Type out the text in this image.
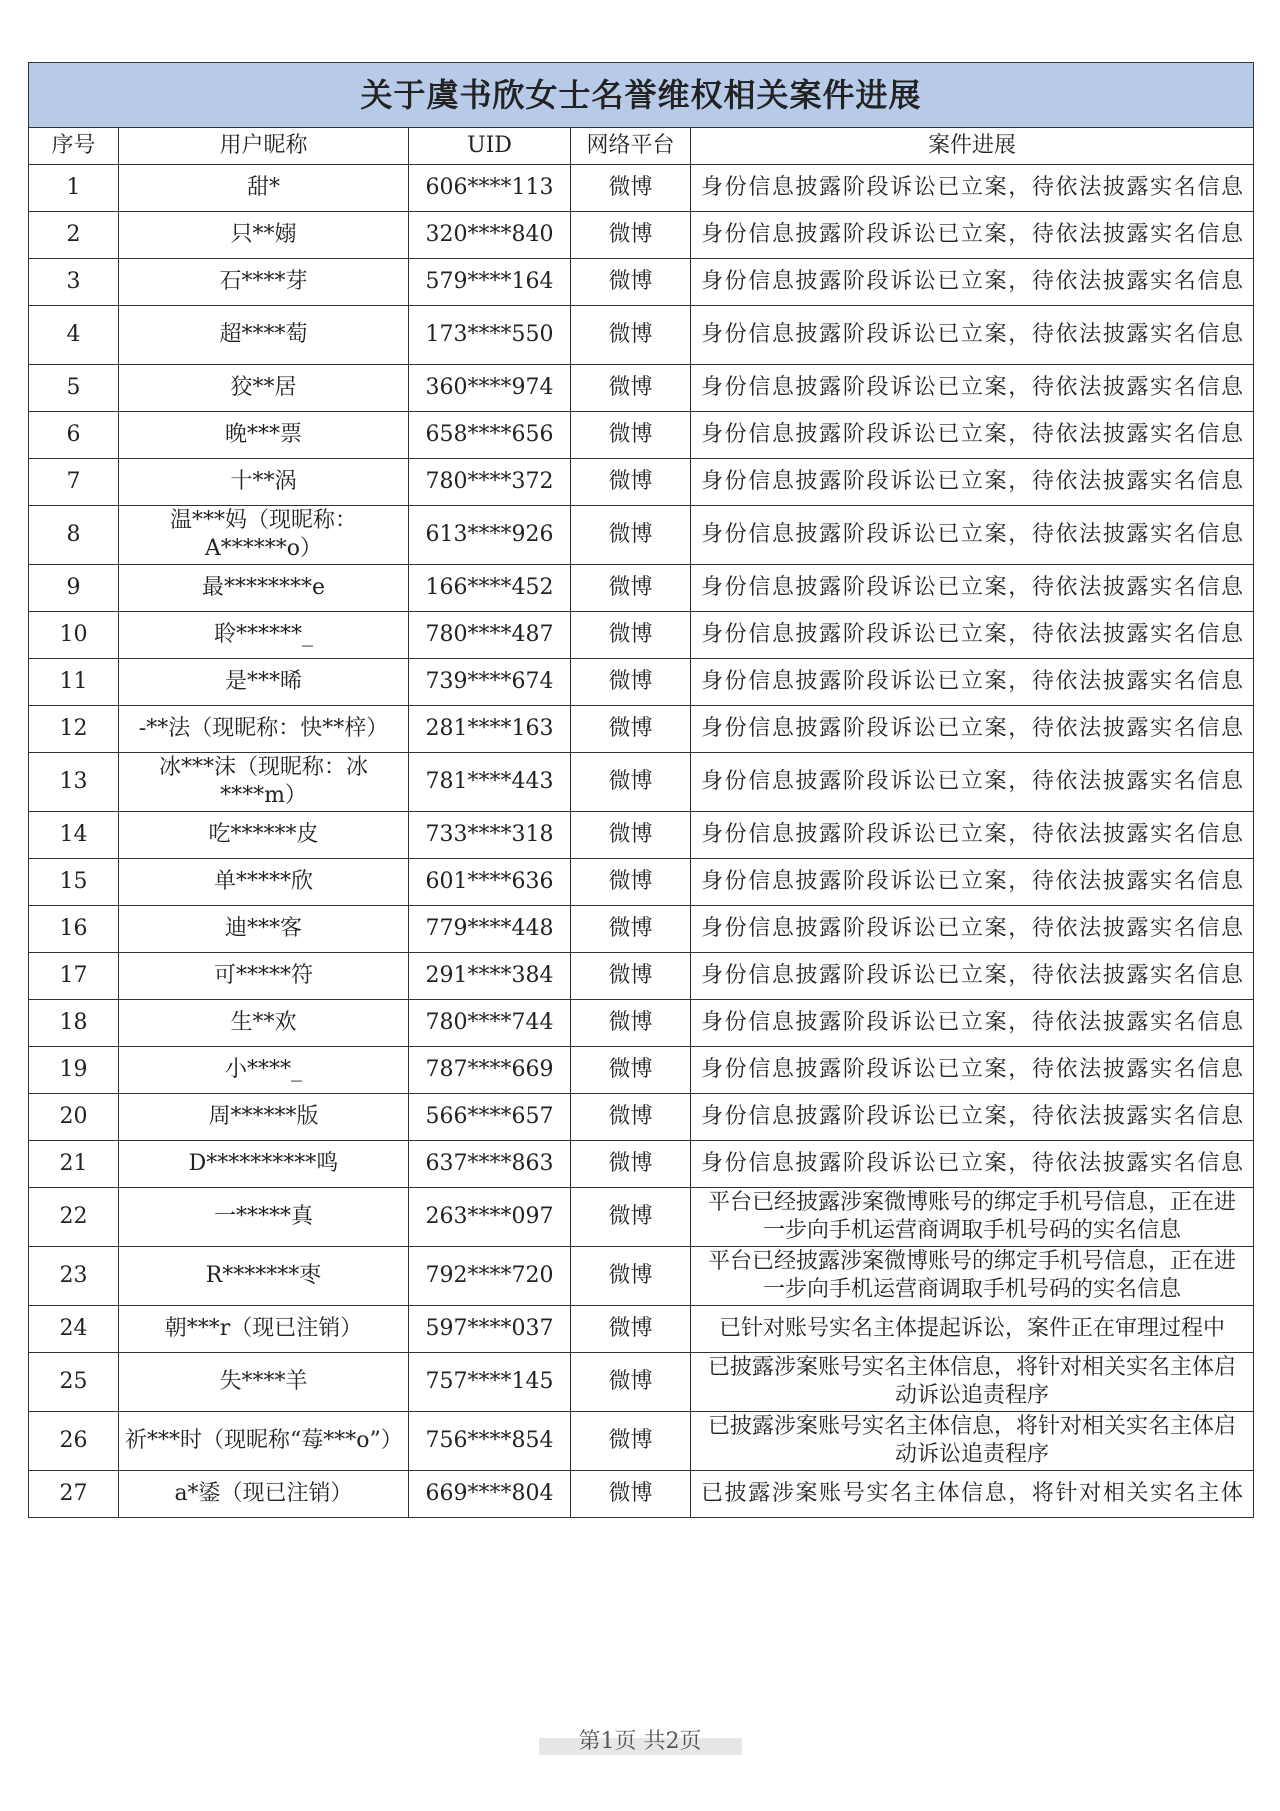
关于虞书欣女士名誉维权相关案件进展				
序号	用户昵称	UID	网络平台	案件进展
1	甜*	606****113	微博	身份信息披露阶段诉讼已立案，待依法披露实名信息
2	只**嫋	320****840	微博	身份信息披露阶段诉讼已立案，待依法披露实名信息
3	石****芽	579****164	微博	身份信息披露阶段诉讼已立案，待依法披露实名信息
4	超****萄	173****550	微博	身份信息披露阶段诉讼已立案，待依法披露实名信息
5	狡**居	360****974	微博	身份信息披露阶段诉讼已立案，待依法披露实名信息
6	晚***票	658****656	微博	身份信息披露阶段诉讼已立案，待依法披露实名信息
7	十**涡	780****372	微博	身份信息披露阶段诉讼已立案，待依法披露实名信息
8	温***妈（现昵称：A******o）	613****926	微博	身份信息披露阶段诉讼已立案，待依法披露实名信息
9	最********e	166****452	微博	身份信息披露阶段诉讼已立案，待依法披露实名信息
10	聆******_	780****487	微博	身份信息披露阶段诉讼已立案，待依法披露实名信息
11	是***晞	739****674	微博	身份信息披露阶段诉讼已立案，待依法披露实名信息
12	-**法（现昵称：快**梓）	281****163	微博	身份信息披露阶段诉讼已立案，待依法披露实名信息
13	冰***沫（现昵称：冰****m）	781****443	微博	身份信息披露阶段诉讼已立案，待依法披露实名信息
14	吃******皮	733****318	微博	身份信息披露阶段诉讼已立案，待依法披露实名信息
15	单*****欣	601****636	微博	身份信息披露阶段诉讼已立案，待依法披露实名信息
16	迪***客	779****448	微博	身份信息披露阶段诉讼已立案，待依法披露实名信息
17	可*****符	291****384	微博	身份信息披露阶段诉讼已立案，待依法披露实名信息
18	生**欢	780****744	微博	身份信息披露阶段诉讼已立案，待依法披露实名信息
19	小****_	787****669	微博	身份信息披露阶段诉讼已立案，待依法披露实名信息
20	周******版	566****657	微博	身份信息披露阶段诉讼已立案，待依法披露实名信息
21	D**********鸣	637****863	微博	身份信息披露阶段诉讼已立案，待依法披露实名信息
22	一*****真	263****097	微博	平台已经披露涉案微博账号的绑定手机号信息，正在进一步向手机运营商调取手机号码的实名信息
23	R*******枣	792****720	微博	平台已经披露涉案微博账号的绑定手机号信息，正在进一步向手机运营商调取手机号码的实名信息
24	朝***r（现已注销）	597****037	微博	已针对账号实名主体提起诉讼，案件正在审理过程中
25	失****羊	757****145	微博	已披露涉案账号实名主体信息，将针对相关实名主体启动诉讼追责程序
26	祈***时（现昵称“莓***o”）	756****854	微博	已披露涉案账号实名主体信息，将针对相关实名主体启动诉讼追责程序
27	a*鋈（现已注销）	669****804	微博	已披露涉案账号实名主体信息，将针对相关实名主体
第1页 共2页
